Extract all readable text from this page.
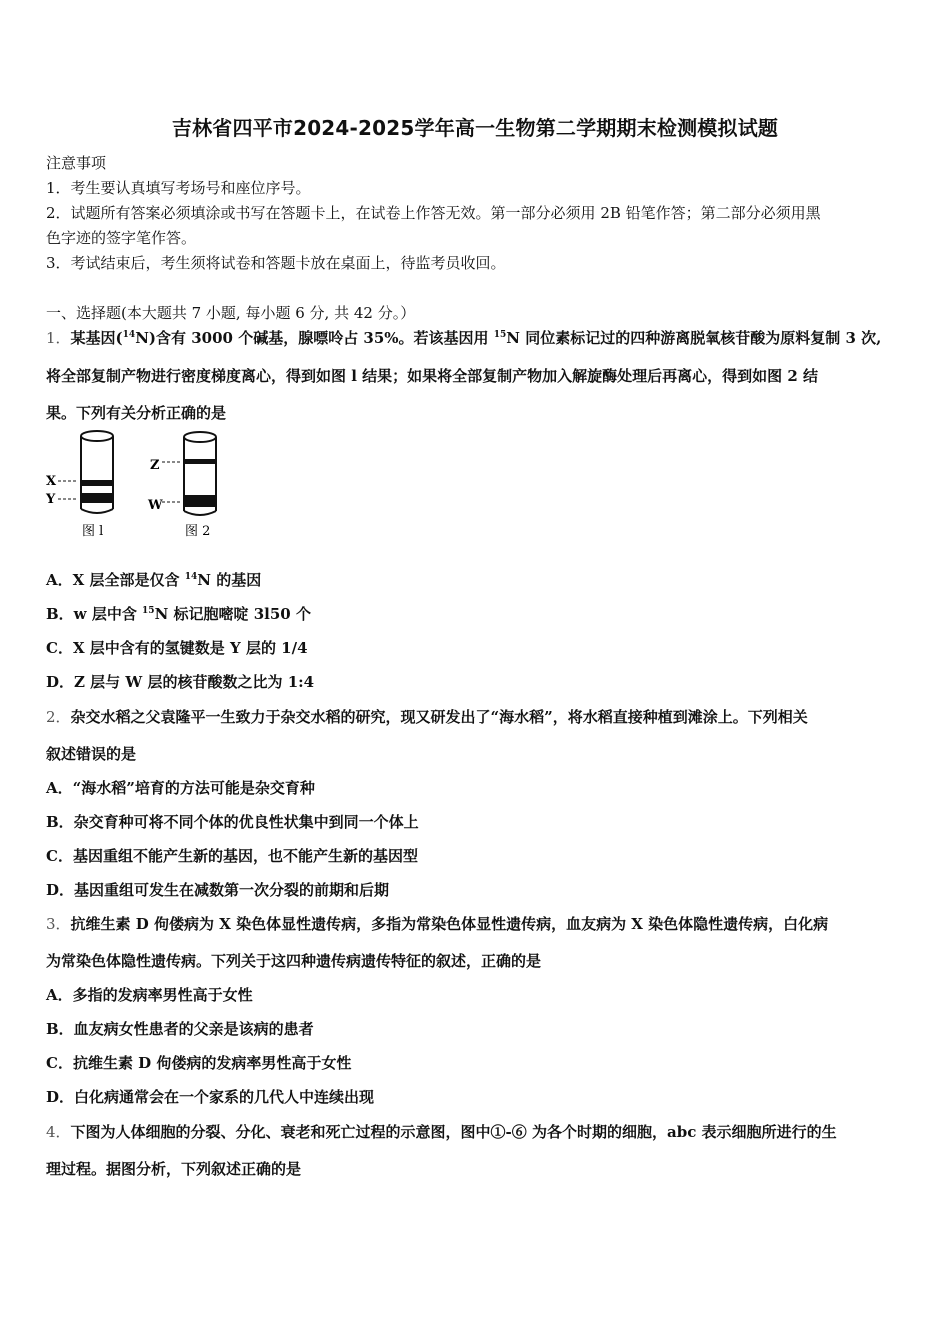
吉林省四平市2024-2025学年高一生物第二学期期末检测模拟试题
注意事项
1．考生要认真填写考场号和座位序号。
2．试题所有答案必须填涂或书写在答题卡上，在试卷上作答无效。第一部分必须用 2B 铅笔作答；第二部分必须用黑
色字迹的签字笔作答。
3．考试结束后，考生须将试卷和答题卡放在桌面上，待监考员收回。
一、选择题(本大题共 7 小题, 每小题 6 分, 共 42 分。）
1．某基因($^{14}$N)含有 3000 个碱基，腺嘌呤占 35%。若该基因用 $^{15}$N 同位素标记过的四种游离脱氧核苷酸为原料复制 3 次,
将全部复制产物进行密度梯度离心，得到如图 l 结果；如果将全部复制产物加入解旋酶处理后再离心，得到如图 2 结
果。下列有关分析正确的是
X
Y
图 l
Z
W
图 2
A．X 层全部是仅含 $^{14}$N 的基因
B．w 层中含 $^{15}$N 标记胞嘧啶 3l50 个
C．X 层中含有的氢键数是 Y 层的 1/4
D．Z 层与 W 层的核苷酸数之比为 1:4
2．杂交水稻之父袁隆平一生致力于杂交水稻的研究，现又研发出了“海水稻”，将水稻直接种植到滩涂上。下列相关
叙述错误的是
A．“海水稻”培育的方法可能是杂交育种
B．杂交育种可将不同个体的优良性状集中到同一个体上
C．基因重组不能产生新的基因，也不能产生新的基因型
D．基因重组可发生在减数第一次分裂的前期和后期
3．抗维生素 D 佝偻病为 X 染色体显性遗传病，多指为常染色体显性遗传病，血友病为 X 染色体隐性遗传病，白化病
为常染色体隐性遗传病。下列关于这四种遗传病遗传特征的叙述，正确的是
A．多指的发病率男性高于女性
B．血友病女性患者的父亲是该病的患者
C．抗维生素 D 佝偻病的发病率男性高于女性
D．白化病通常会在一个家系的几代人中连续出现
4．下图为人体细胞的分裂、分化、衰老和死亡过程的示意图，图中①-⑥ 为各个时期的细胞，abc 表示细胞所进行的生
理过程。据图分析，下列叙述正确的是
